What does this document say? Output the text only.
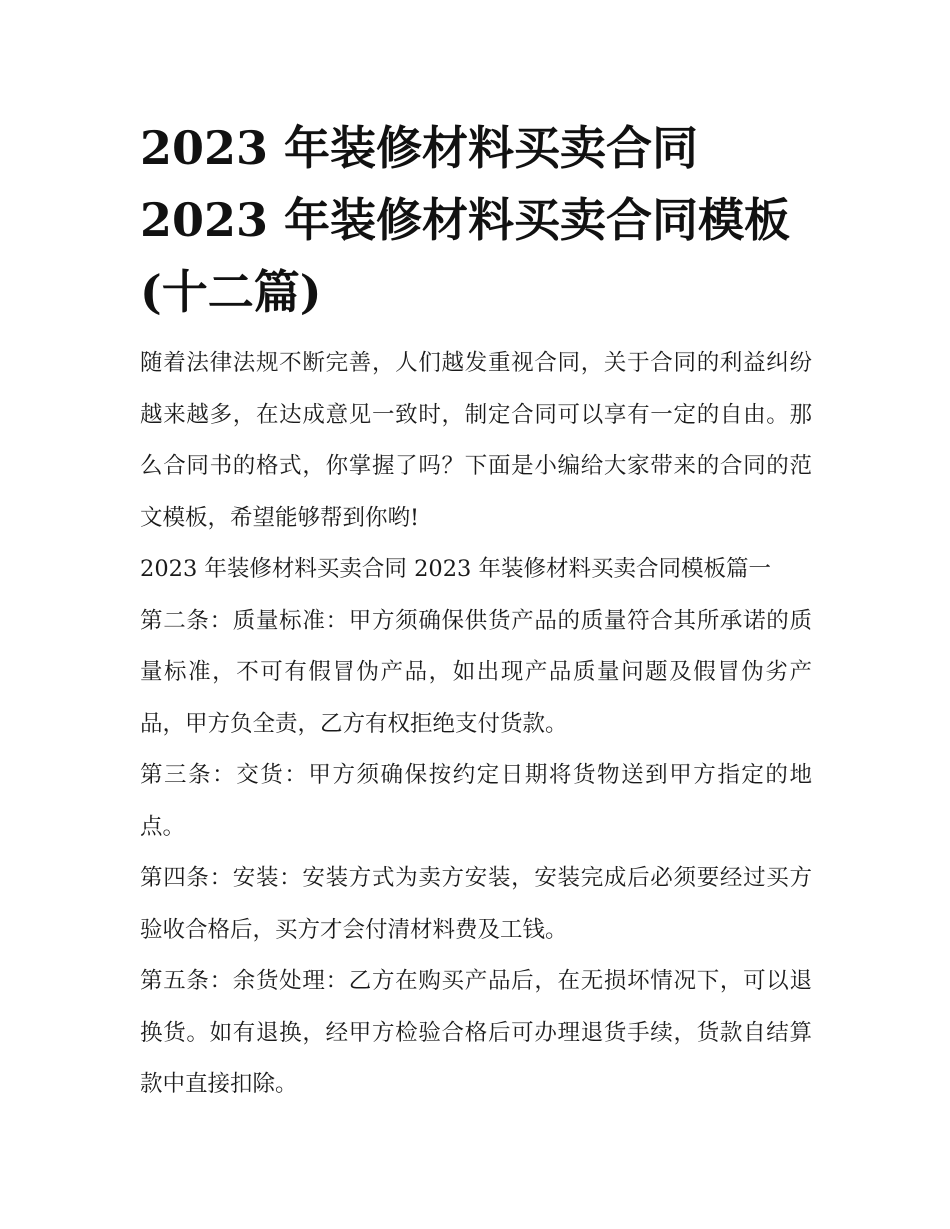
2023 年装修材料买卖合同
2023 年装修材料买卖合同模板
(十二篇)

随着法律法规不断完善，人们越发重视合同，关于合同的利益纠纷越来越多，在达成意见一致时，制定合同可以享有一定的自由。那么合同书的格式，你掌握了吗？下面是小编给大家带来的合同的范文模板，希望能够帮到你哟!

2023 年装修材料买卖合同 2023 年装修材料买卖合同模板篇一

第二条：质量标准：甲方须确保供货产品的质量符合其所承诺的质量标准，不可有假冒伪产品，如出现产品质量问题及假冒伪劣产品，甲方负全责，乙方有权拒绝支付货款。

第三条：交货：甲方须确保按约定日期将货物送到甲方指定的地点。

第四条：安装：安装方式为卖方安装，安装完成后必须要经过买方验收合格后，买方才会付清材料费及工钱。

第五条：余货处理：乙方在购买产品后，在无损坏情况下，可以退换货。如有退换，经甲方检验合格后可办理退货手续，货款自结算款中直接扣除。
